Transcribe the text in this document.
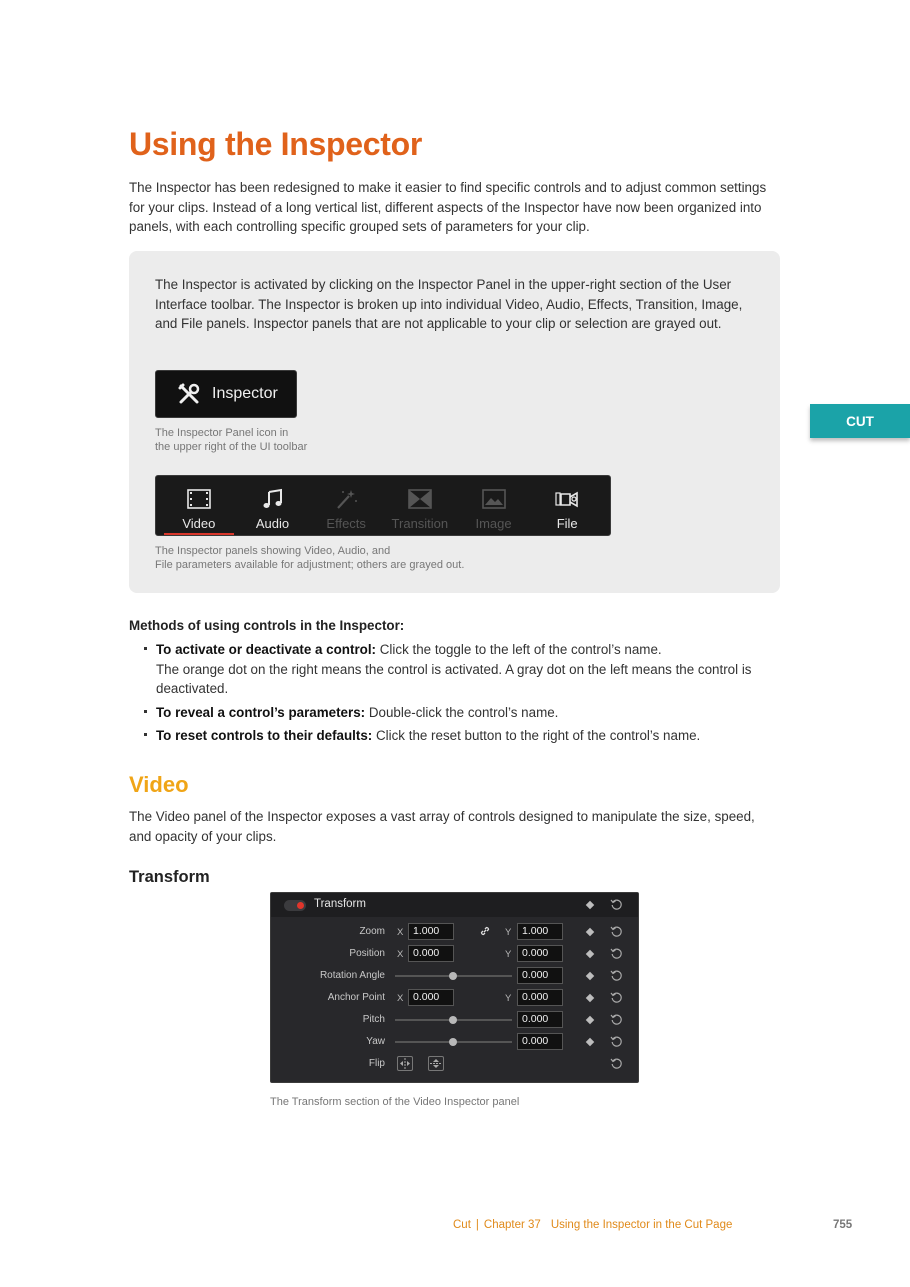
Using the Inspector

The Inspector has been redesigned to make it easier to find specific controls and to adjust common settings for your clips. Instead of a long vertical list, different aspects of the Inspector have now been organized into panels, with each controlling specific grouped sets of parameters for your clip.

The Inspector is activated by clicking on the Inspector Panel in the upper-right section of the User Interface toolbar. The Inspector is broken up into individual Video, Audio, Effects, Transition, Image, and File panels. Inspector panels that are not applicable to your clip or selection are grayed out.

Inspector
The Inspector Panel icon in
the upper right of the UI toolbar
Video	Audio	Effects Transition Image	File
The Inspector panels showing Video, Audio, and
File parameters available for adjustment; others are grayed out.
CUT
Methods of using controls in the Inspector:
To activate or deactivate a control: Click the toggle to the left of the control’s name.
The orange dot on the right means the control is activated. A gray dot on the left means the control is deactivated.
To reveal a control’s parameters: Double-click the control’s name.
To reset controls to their defaults: Click the reset button to the right of the control’s name.
Video

The Video panel of the Inspector exposes a vast array of controls designed to manipulate the size, speed, and opacity of your clips.

Transform
Transform
Zoom X 1.000	Y	1.000
Position X 0.000	Y	0.000
Rotation Angle	0.000
Anchor Point X 0.000	Y	0.000
Pitch	0.000
Yaw	0.000
Flip
The Transform section of the Video Inspector panel
Cut | Chapter 37 Using the Inspector in the Cut Page	755
